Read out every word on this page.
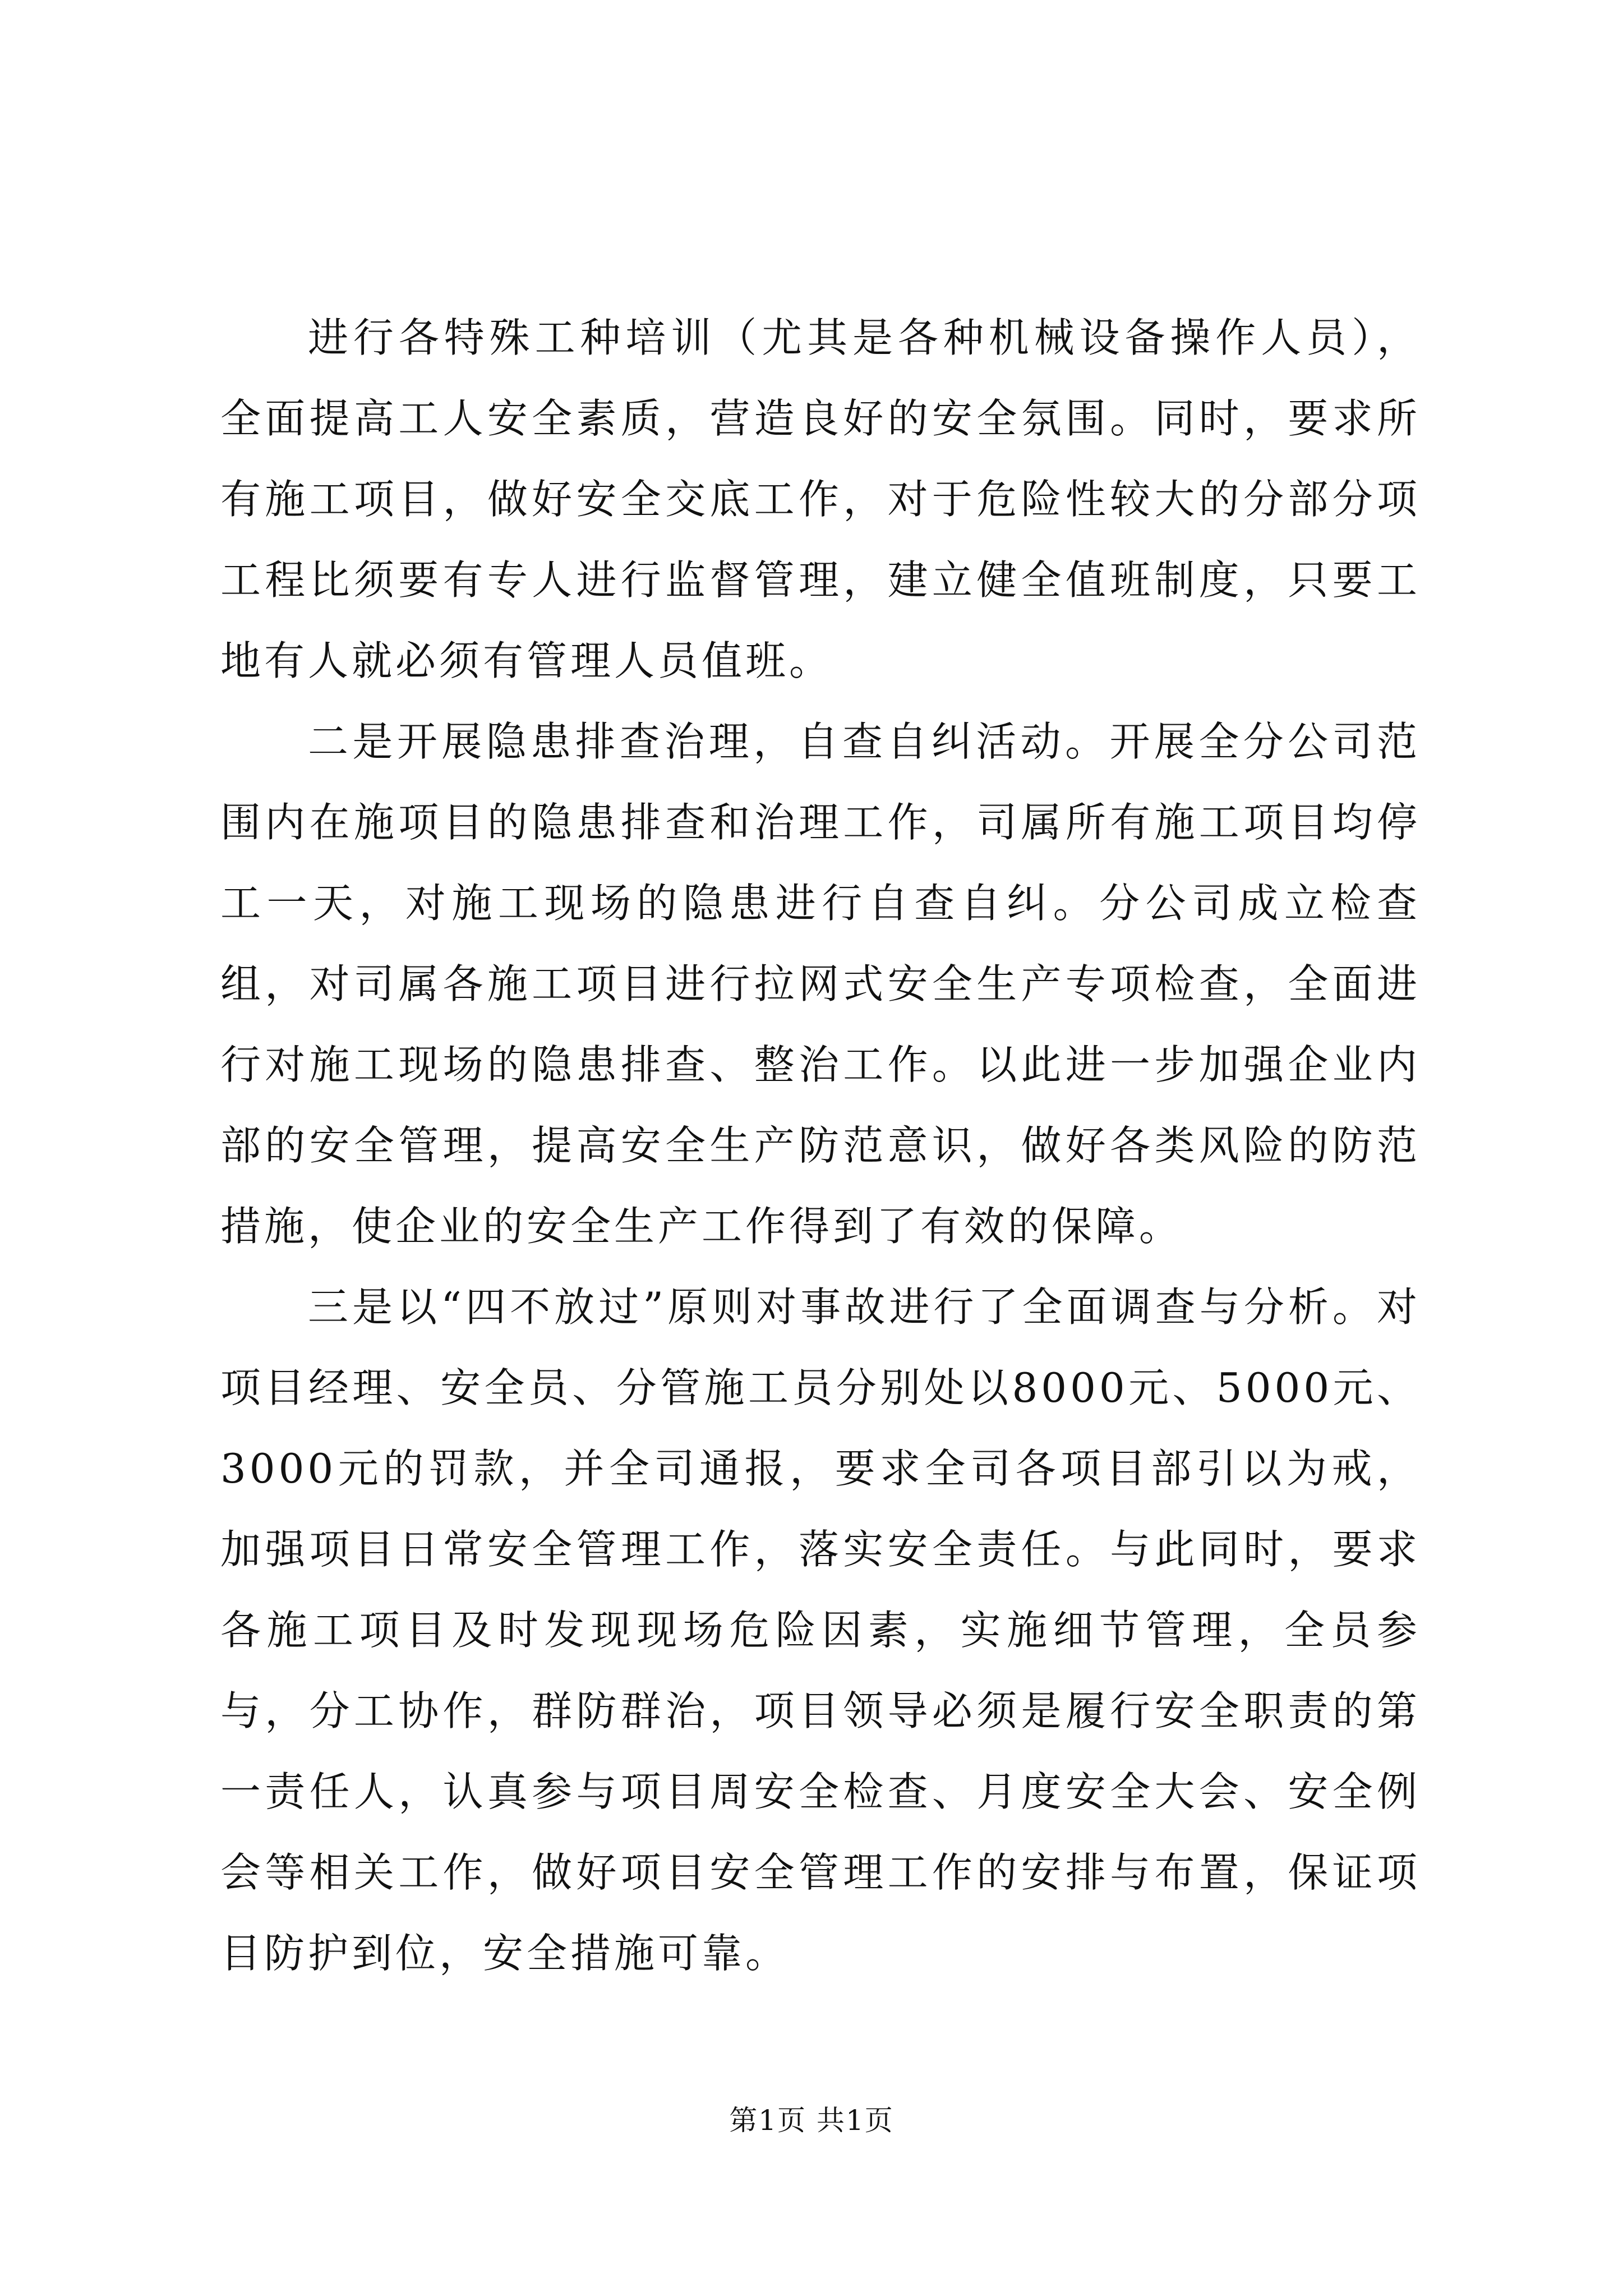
进行各特殊工种培训（尤其是各种机械设备操作人员），全面提高工人安全素质，营造良好的安全氛围。同时，要求所有施工项目，做好安全交底工作，对于危险性较大的分部分项工程比须要有专人进行监督管理，建立健全值班制度，只要工地有人就必须有管理人员值班。

二是开展隐患排查治理，自查自纠活动。开展全分公司范围内在施项目的隐患排查和治理工作，司属所有施工项目均停工一天，对施工现场的隐患进行自查自纠。分公司成立检查组，对司属各施工项目进行拉网式安全生产专项检查，全面进行对施工现场的隐患排查、整治工作。以此进一步加强企业内部的安全管理，提高安全生产防范意识，做好各类风险的防范措施，使企业的安全生产工作得到了有效的保障。

三是以“四不放过”原则对事故进行了全面调查与分析。对项目经理、安全员、分管施工员分别处以8000元、5000元、3000元的罚款，并全司通报，要求全司各项目部引以为戒，加强项目日常安全管理工作，落实安全责任。与此同时，要求各施工项目及时发现现场危险因素，实施细节管理，全员参与，分工协作，群防群治，项目领导必须是履行安全职责的第一责任人，认真参与项目周安全检查、月度安全大会、安全例会等相关工作，做好项目安全管理工作的安排与布置，保证项目防护到位，安全措施可靠。

第1页 共1页
